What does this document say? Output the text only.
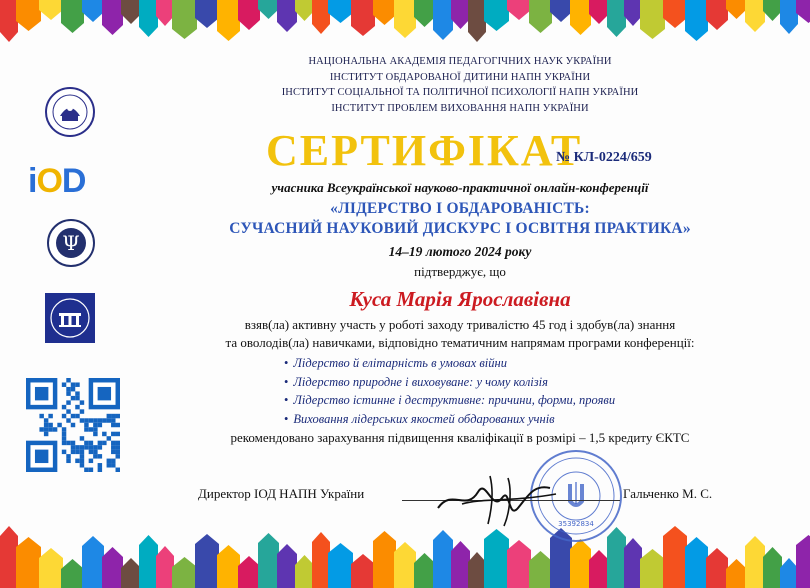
іOD
Ψ
НАЦІОНАЛЬНА АКАДЕМІЯ ПЕДАГОГІЧНИХ НАУК УКРАЇНИ
ІНСТИТУТ ОБДАРОВАНОЇ ДИТИНИ НАПН УКРАЇНИ
ІНСТИТУТ СОЦІАЛЬНОЇ ТА ПОЛІТИЧНОЇ ПСИХОЛОГІЇ НАПН УКРАЇНИ
ІНСТИТУТ ПРОБЛЕМ ВИХОВАННЯ НАПН УКРАЇНИ
СЕРТИФІКАТ
№ КЛ-0224/659
учасника Всеукраїнської науково-практичної онлайн-конференції
«ЛІДЕРСТВО І ОБДАРОВАНІСТЬ:
СУЧАСНИЙ НАУКОВИЙ ДИСКУРС І ОСВІТНЯ ПРАКТИКА»
14–19 лютого 2024 року
підтверджує, що
Куса Марія Ярославівна
взяв(ла) активну участь у роботі заходу тривалістю 45 год і здобув(ла) знання
та оволодів(ла) навичками, відповідно тематичним напрямам програми конференції:
• Лідерство й елітарність в умовах війни
• Лідерство природне і виховуване: у чому колізія
• Лідерство істинне і деструктивне: причини, форми, прояви
• Виховання лідерських якостей обдарованих учнів
рекомендовано зарахування підвищення кваліфікації в розмірі – 1,5 кредиту ЄКТС
35392834
Директор ІОД НАПН України	Гальченко М. С.
